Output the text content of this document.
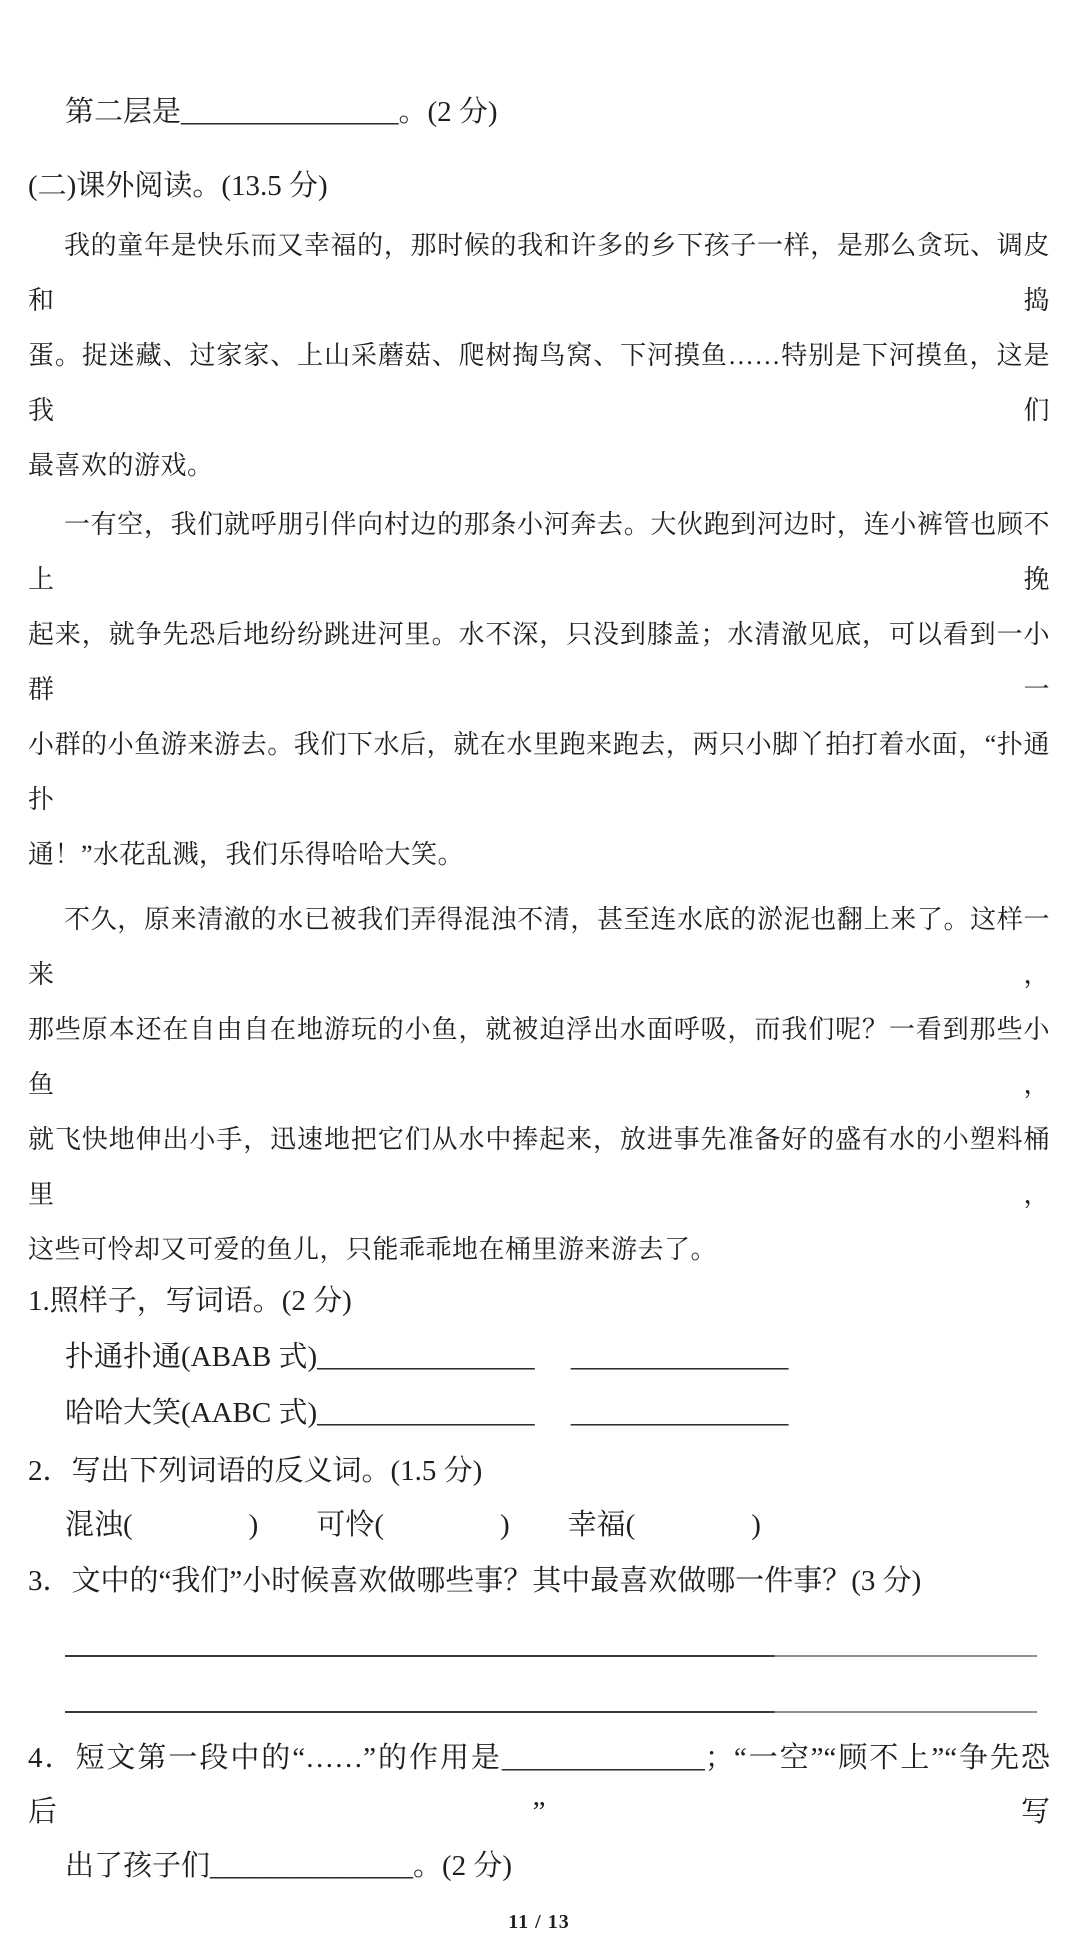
第二层是_______________。(2 分)
(二)课外阅读。(13.5 分)
我的童年是快乐而又幸福的，那时候的我和许多的乡下孩子一样，是那么贪玩、调皮和捣
蛋。捉迷藏、过家家、上山采蘑菇、爬树掏鸟窝、下河摸鱼……特别是下河摸鱼，这是我们
最喜欢的游戏。
一有空，我们就呼朋引伴向村边的那条小河奔去。大伙跑到河边时，连小裤管也顾不上挽
起来，就争先恐后地纷纷跳进河里。水不深，只没到膝盖；水清澈见底，可以看到一小群一
小群的小鱼游来游去。我们下水后，就在水里跑来跑去，两只小脚丫拍打着水面，“扑通扑
通！”水花乱溅，我们乐得哈哈大笑。
不久，原来清澈的水已被我们弄得混浊不清，甚至连水底的淤泥也翻上来了。这样一来，
那些原本还在自由自在地游玩的小鱼，就被迫浮出水面呼吸，而我们呢？一看到那些小鱼，
就飞快地伸出小手，迅速地把它们从水中捧起来，放进事先准备好的盛有水的小塑料桶里，
这些可怜却又可爱的鱼儿，只能乖乖地在桶里游来游去了。
1.照样子，写词语。(2 分)
扑通扑通(ABAB 式)_______________　 _______________
哈哈大笑(AABC 式)_______________　 _______________
2．写出下列词语的反义词。(1.5 分)
混浊(　　　　)　　可怜(　　　　)　　幸福(　　　　)
3．文中的“我们”小时候喜欢做哪些事？其中最喜欢做哪一件事？(3 分)
4．短文第一段中的“……”的作用是______________；“一空”“顾不上”“争先恐后”写
出了孩子们______________。(2 分)
11 / 13
